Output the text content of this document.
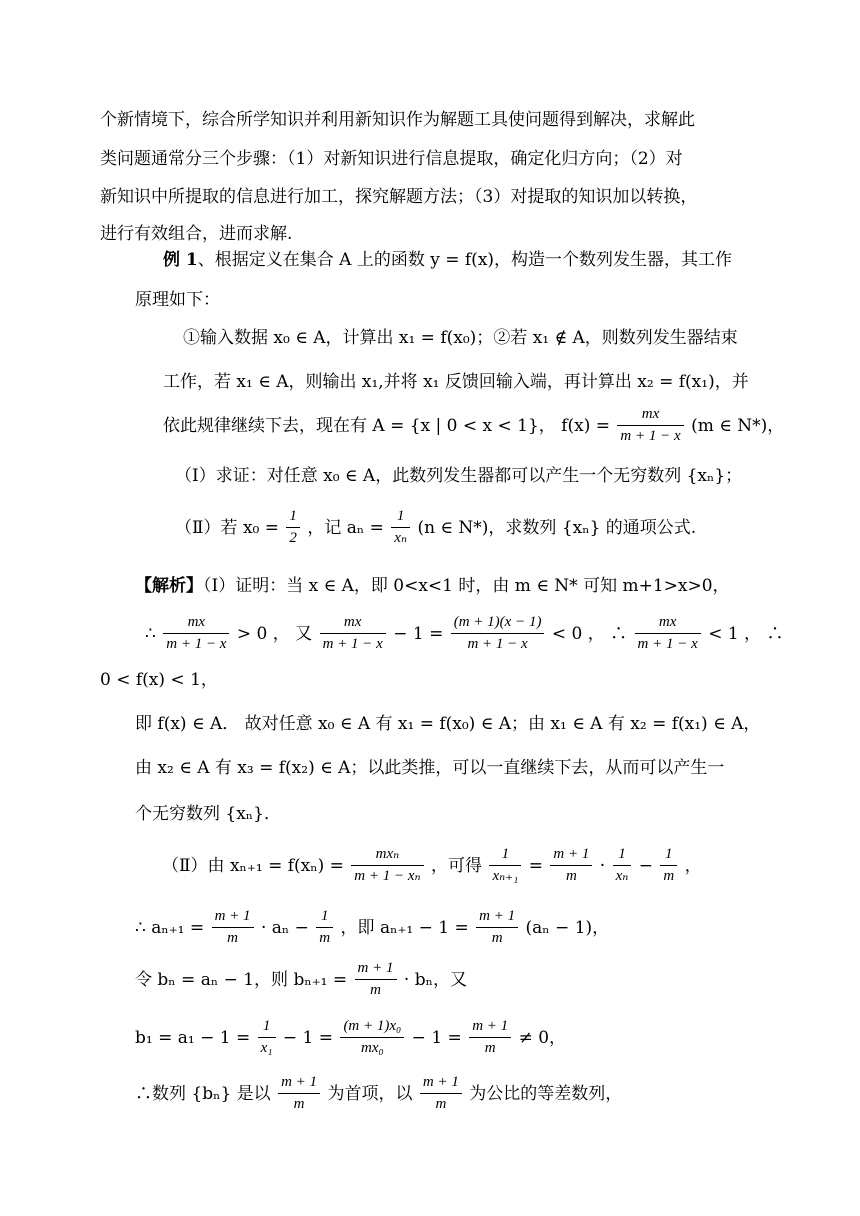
个新情境下，综合所学知识并利用新知识作为解题工具使问题得到解决，求解此
类问题通常分三个步骤：（1）对新知识进行信息提取，确定化归方向；（2）对
新知识中所提取的信息进行加工，探究解题方法；（3）对提取的知识加以转换，
进行有效组合，进而求解.
例 1、根据定义在集合 A 上的函数 y = f(x)，构造一个数列发生器，其工作
原理如下：
①输入数据 x₀ ∈ A，计算出 x₁ = f(x₀)；②若 x₁ ∉ A，则数列发生器结束
工作，若 x₁ ∈ A，则输出 x₁,并将 x₁ 反馈回输入端，再计算出 x₂ = f(x₁)，并
依此规律继续下去，现在有 A = {x | 0 < x < 1}， $f(x) = \frac{mx}{m + 1 - x} (m$ ∈ N*)，
（Ⅰ）求证：对任意 x₀ ∈ A，此数列发生器都可以产生一个无穷数列 {xₙ}；
（Ⅱ）若 $x_0 = \frac{1}{2}$ ，记 $a_n = \frac{1}{\text{xₙ}} (n$ ∈ N*)，求数列 {xₙ} 的通项公式.
【解析】（Ⅰ）证明：当 x ∈ A，即 0<x<1 时，由 m ∈ N* 可知 m+1>x>0，
∴ $\frac{mx}{m + 1 - x} > 0$ ， 又 $\frac{mx}{m + 1 - x} - 1 = \frac{(m + 1)(x - 1)}{m + 1 - x} < 0$ ， ∴ $\frac{mx}{m + 1 - x} < 1$ ， ∴
0 < f(x) < 1，
即 f(x) ∈ A． 故对任意 x₀ ∈ A 有 x₁ = f(x₀) ∈ A；由 x₁ ∈ A 有 x₂ = f(x₁) ∈ A，
由 x₂ ∈ A 有 x₃ = f(x₂) ∈ A；以此类推，可以一直继续下去，从而可以产生一
个无穷数列 {xₙ}．
（Ⅱ）由 $x_{n+1} = f(x_n) = \frac{\text{mxₙ}}{\text{m + 1 − xₙ}}$ ，可得 $\frac{1}{\text{xₙ₊₁}} = \frac{m + 1}{m} \cdot \frac{1}{\text{xₙ}} - \frac{1}{m}$ ，
∴ $a_{n+1} = \frac{m + 1}{m} \cdot a_n - \frac{1}{m}$ ，即 $a_{n+1} - 1 = \frac{m + 1}{m} (a_n - 1)$，
令 bₙ = aₙ − 1，则 $b_{n+1} = \frac{m + 1}{m} \cdot b_n$，又
$b_1 = a_1 - 1 = \frac{1}{\text{x₁}} - 1 = \frac{\text{(m + 1)x₀}}{\text{mx₀}} - 1 = \frac{m + 1}{m} \ne 0$，
∴数列 {bₙ} 是以 $\frac{m + 1}{m}$ 为首项，以 $\frac{m + 1}{m}$ 为公比的等差数列，
